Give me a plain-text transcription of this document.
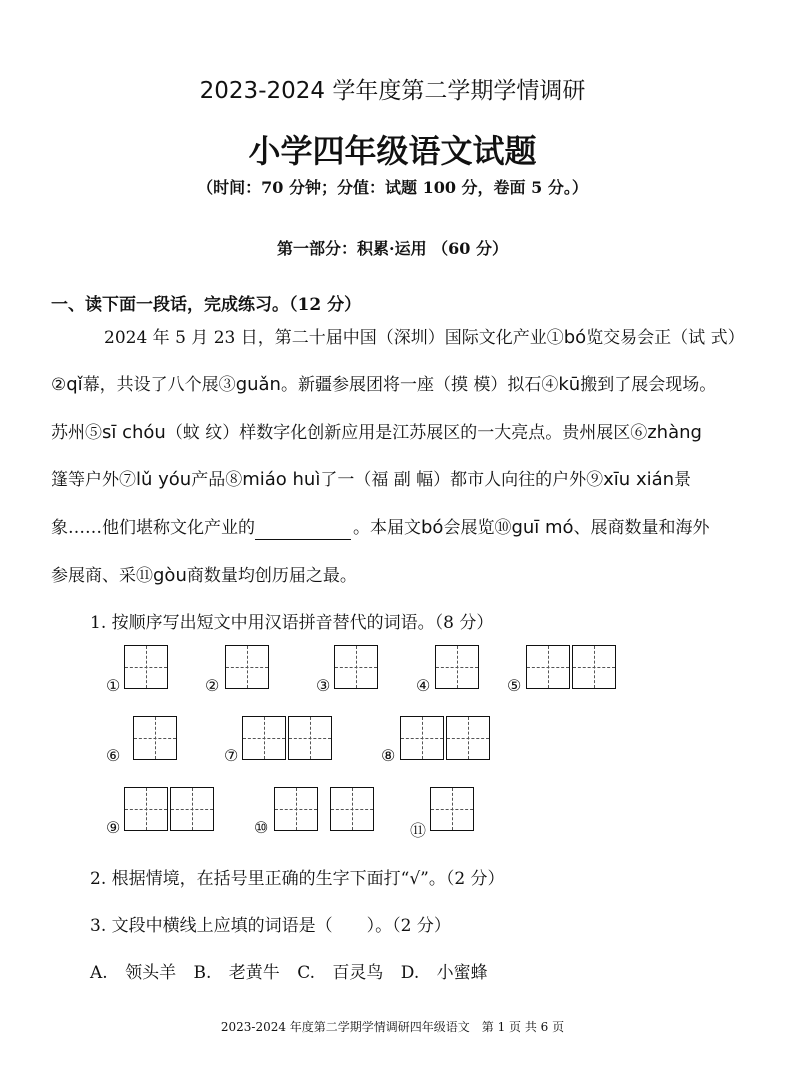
2023-2024 学年度第二学期学情调研
小学四年级语文试题
（时间：70 分钟；分值：试题 100 分，卷面 5 分。）
第一部分：积累·运用 （60 分）
一、读下面一段话，完成练习。（12 分）
2024 年 5 月 23 日，第二十届中国（深圳）国际文化产业①bó览交易会正（试 式）
②qǐ幕，共设了八个展③guǎn。新疆参展团将一座（摸 模）拟石④kū搬到了展会现场。
苏州⑤sī chóu（蚊 纹）样数字化创新应用是江苏展区的一大亮点。贵州展区⑥zhàng
篷等户外⑦lǔ yóu产品⑧miáo huì了一（福 副 幅）都市人向往的户外⑨xīu xián景
象……他们堪称文化产业的	。本届文bó会展览⑩guī mó、展商数量和海外
参展商、采⑪gòu商数量均创历届之最。
1. 按顺序写出短文中用汉语拼音替代的词语。（8 分）
①	②	③	④	⑤
⑥	⑦	⑧
⑨	⑩	⑪
2. 根据情境，在括号里正确的生字下面打“√”。（2 分）
3. 文段中横线上应填的词语是（　　）。（2 分）
A. 领头羊 B. 老黄牛 C. 百灵鸟 D. 小蜜蜂
2023-2024 年度第二学期学情调研四年级语文　第 1 页 共 6 页
